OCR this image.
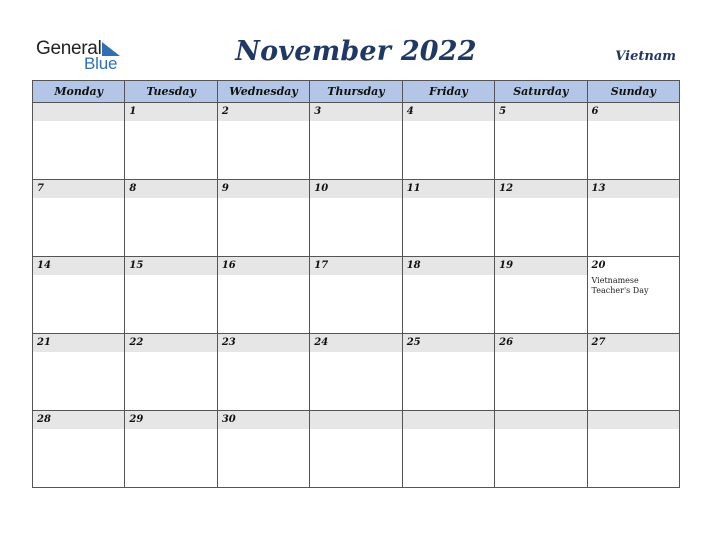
General
Blue	November 2022	Vietnam
Monday	Tuesday	Wednesday	Thursday	Friday	Saturday	Sunday

	1	2	3	4	5	6

7	8	9	10	11	12	13

14	15	16	17	18	19	20
Vietnamese Teacher's Day

21	22	23	24	25	26	27

28	29	30				
